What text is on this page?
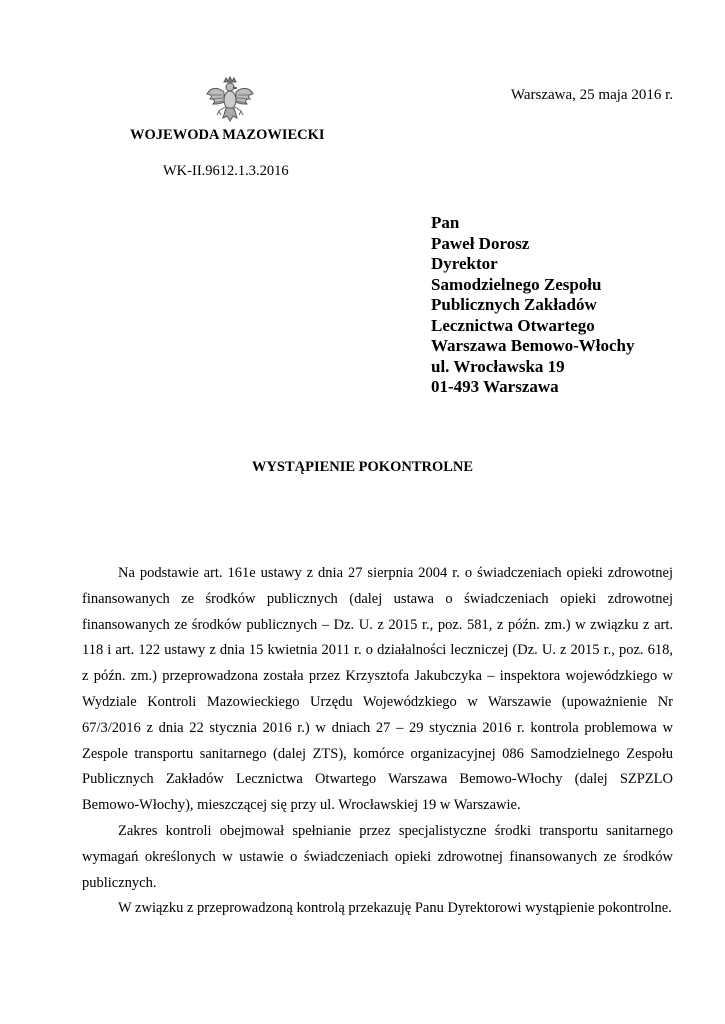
Warszawa, 25 maja 2016 r.
WOJEWODA MAZOWIECKI
WK-II.9612.1.3.2016
Pan
Paweł Dorosz
Dyrektor
Samodzielnego Zespołu
Publicznych Zakładów
Lecznictwa Otwartego
Warszawa Bemowo-Włochy
ul. Wrocławska 19
01-493 Warszawa
WYSTĄPIENIE POKONTROLNE

Na podstawie art. 161e ustawy z dnia 27 sierpnia 2004 r. o świadczeniach opieki zdrowotnej finansowanych ze środków publicznych (dalej ustawa o świadczeniach opieki zdrowotnej finansowanych ze środków publicznych – Dz. U. z 2015 r., poz. 581, z późn. zm.) w związku z art. 118 i art. 122 ustawy z dnia 15 kwietnia 2011 r. o działalności leczniczej (Dz. U. z 2015 r., poz. 618, z późn. zm.) przeprowadzona została przez Krzysztofa Jakubczyka – inspektora wojewódzkiego w Wydziale Kontroli Mazowieckiego Urzędu Wojewódzkiego w Warszawie (upoważnienie Nr 67/3/2016 z dnia 22 stycznia 2016 r.) w dniach 27 – 29 stycznia 2016 r. kontrola problemowa w Zespole transportu sanitarnego (dalej ZTS), komórce organizacyjnej 086 Samodzielnego Zespołu Publicznych Zakładów Lecznictwa Otwartego Warszawa Bemowo-Włochy (dalej SZPZLO Bemowo-Włochy), mieszczącej się przy ul. Wrocławskiej 19 w Warszawie.

Zakres kontroli obejmował spełnianie przez specjalistyczne środki transportu sanitarnego wymagań określonych w ustawie o świadczeniach opieki zdrowotnej finansowanych ze środków publicznych.

W związku z przeprowadzoną kontrolą przekazuję Panu Dyrektorowi wystąpienie pokontrolne.
